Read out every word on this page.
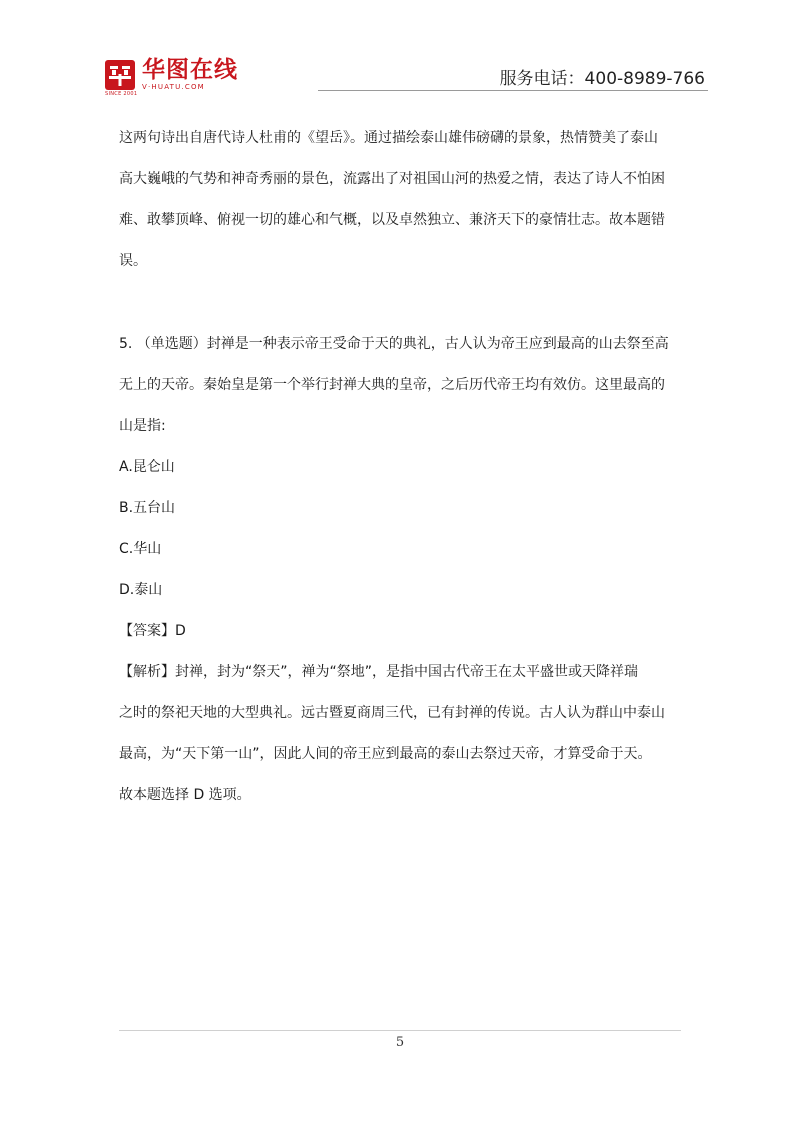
SINCE 2001
华图在线
V·HUATU.COM	服务电话：400-8989-766

这两句诗出自唐代诗人杜甫的《望岳》。通过描绘泰山雄伟磅礴的景象，热情赞美了泰山

高大巍峨的气势和神奇秀丽的景色，流露出了对祖国山河的热爱之情，表达了诗人不怕困

难、敢攀顶峰、俯视一切的雄心和气概，以及卓然独立、兼济天下的豪情壮志。故本题错

误。

5. （单选题）封禅是一种表示帝王受命于天的典礼，古人认为帝王应到最高的山去祭至高

无上的天帝。秦始皇是第一个举行封禅大典的皇帝，之后历代帝王均有效仿。这里最高的

山是指:

A.昆仑山

B.五台山

C.华山

D.泰山

【答案】D

【解析】封禅，封为“祭天”，禅为“祭地”，是指中国古代帝王在太平盛世或天降祥瑞

之时的祭祀天地的大型典礼。远古暨夏商周三代，已有封禅的传说。古人认为群山中泰山

最高，为“天下第一山”，因此人间的帝王应到最高的泰山去祭过天帝，才算受命于天。

故本题选择 D 选项。

5
